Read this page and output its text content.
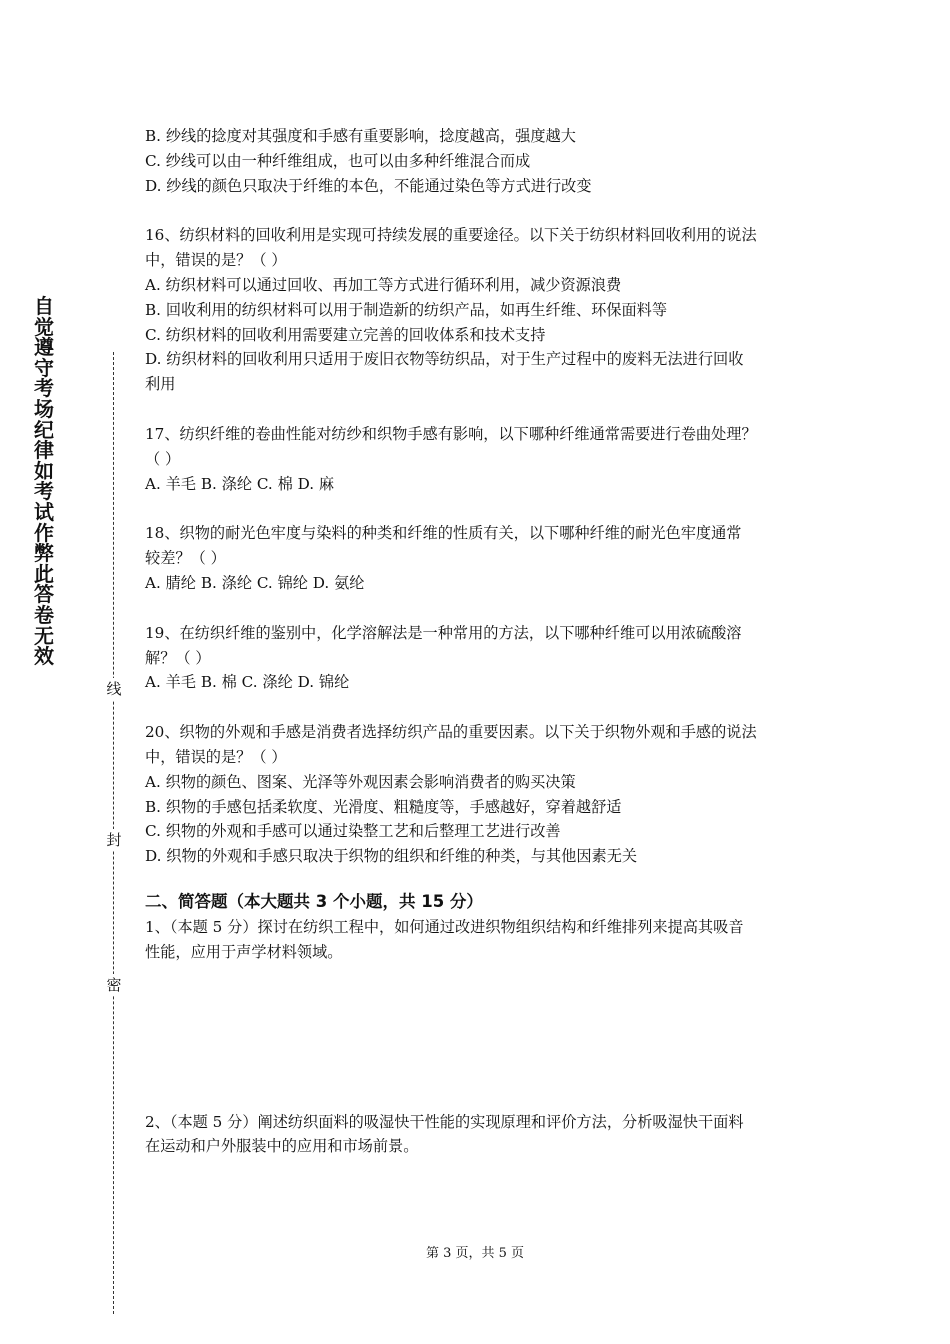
自觉遵守考场纪律如考试作弊此答卷无效
线
封
密
B. 纱线的捻度对其强度和手感有重要影响，捻度越高，强度越大
C. 纱线可以由一种纤维组成，也可以由多种纤维混合而成
D. 纱线的颜色只取决于纤维的本色，不能通过染色等方式进行改变
16、纺织材料的回收利用是实现可持续发展的重要途径。以下关于纺织材料回收利用的说法
中，错误的是？（ ）
A. 纺织材料可以通过回收、再加工等方式进行循环利用，减少资源浪费
B. 回收利用的纺织材料可以用于制造新的纺织产品，如再生纤维、环保面料等
C. 纺织材料的回收利用需要建立完善的回收体系和技术支持
D. 纺织材料的回收利用只适用于废旧衣物等纺织品，对于生产过程中的废料无法进行回收
利用
17、纺织纤维的卷曲性能对纺纱和织物手感有影响，以下哪种纤维通常需要进行卷曲处理？
（ ）
A. 羊毛 B. 涤纶 C. 棉 D. 麻
18、织物的耐光色牢度与染料的种类和纤维的性质有关，以下哪种纤维的耐光色牢度通常
较差？（ ）
A. 腈纶 B. 涤纶 C. 锦纶 D. 氨纶
19、在纺织纤维的鉴别中，化学溶解法是一种常用的方法，以下哪种纤维可以用浓硫酸溶
解？（ ）
A. 羊毛 B. 棉 C. 涤纶 D. 锦纶
20、织物的外观和手感是消费者选择纺织产品的重要因素。以下关于织物外观和手感的说法
中，错误的是？（ ）
A. 织物的颜色、图案、光泽等外观因素会影响消费者的购买决策
B. 织物的手感包括柔软度、光滑度、粗糙度等，手感越好，穿着越舒适
C. 织物的外观和手感可以通过染整工艺和后整理工艺进行改善
D. 织物的外观和手感只取决于织物的组织和纤维的种类，与其他因素无关
二、简答题（本大题共 3 个小题，共 15 分）
1、（本题 5 分）探讨在纺织工程中，如何通过改进织物组织结构和纤维排列来提高其吸音
性能，应用于声学材料领域。
2、（本题 5 分）阐述纺织面料的吸湿快干性能的实现原理和评价方法，分析吸湿快干面料
在运动和户外服装中的应用和市场前景。
第 3 页，共 5 页
